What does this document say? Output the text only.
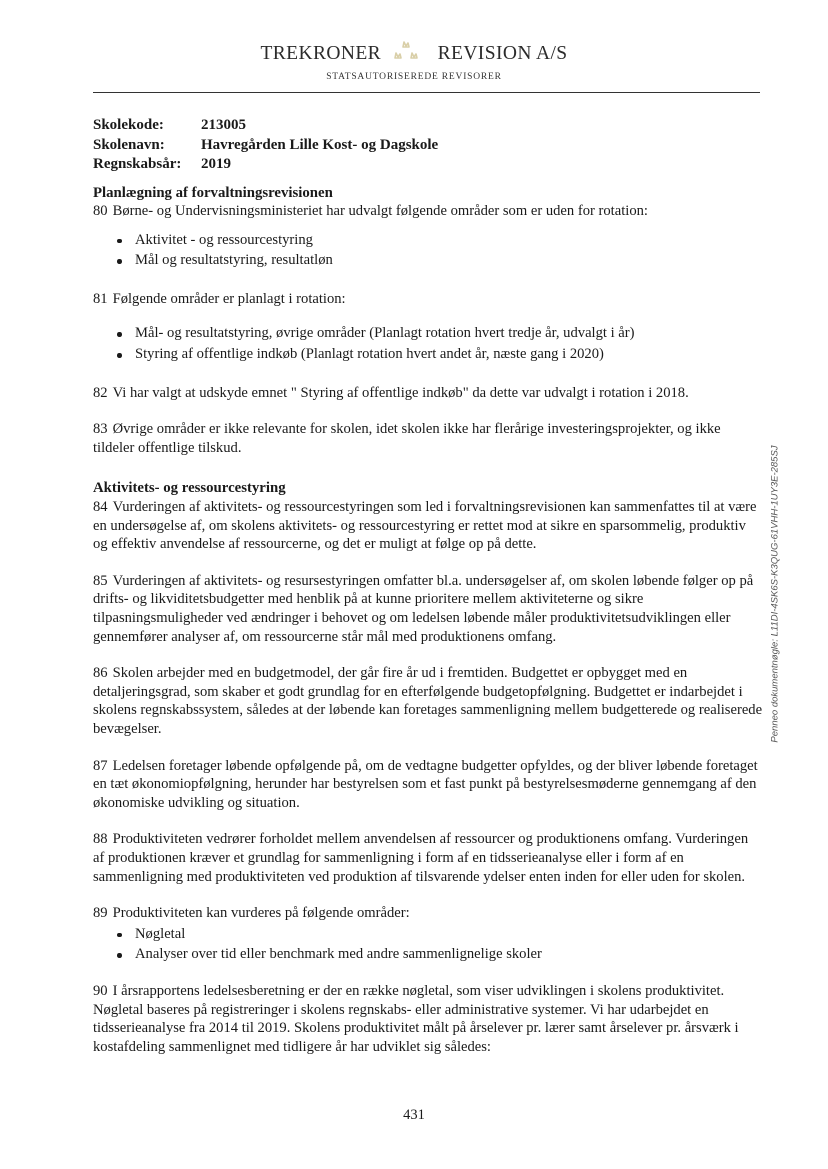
TREKRONER	REVISION A/S
STATSAUTORISEREDE REVISORER
Penneo dokumentnøgle: L11DI-4SK6S-K3QUG-61VHH-1UY3E-285SJ
Skolekode: 213005
Skolenavn: Havregården Lille Kost- og Dagskole
Regnskabsår: 2019
Planlægning af forvaltningsrevisionen

80 Børne- og Undervisningsministeriet har udvalgt følgende områder som er uden for rotation:

Aktivitet - og ressourcestyring
Mål og resultatstyring, resultatløn

81 Følgende områder er planlagt i rotation:

Mål- og resultatstyring, øvrige områder (Planlagt rotation hvert tredje år, udvalgt i år)
Styring af offentlige indkøb (Planlagt rotation hvert andet år, næste gang i 2020)

82 Vi har valgt at udskyde emnet " Styring af offentlige indkøb" da dette var udvalgt i rotation i 2018.

83 Øvrige områder er ikke relevante for skolen, idet skolen ikke har flerårige investeringsprojekter, og ikke tildeler offentlige tilskud.

Aktivitets- og ressourcestyring

84 Vurderingen af aktivitets- og ressourcestyringen som led i forvaltningsrevisionen kan sammenfattes til at være en undersøgelse af, om skolens aktivitets- og ressourcestyring er rettet mod at sikre en sparsommelig, produktiv og effektiv anvendelse af ressourcerne, og det er muligt at følge op på dette.

85 Vurderingen af aktivitets- og resursestyringen omfatter bl.a. undersøgelser af, om skolen løbende følger op på drifts- og likviditetsbudgetter med henblik på at kunne prioritere mellem aktiviteterne og sikre tilpasningsmuligheder ved ændringer i behovet og om ledelsen løbende måler produktivitetsudviklingen eller gennemfører analyser af, om ressourcerne står mål med produktionens omfang.

86 Skolen arbejder med en budgetmodel, der går fire år ud i fremtiden. Budgettet er opbygget med en detaljeringsgrad, som skaber et godt grundlag for en efterfølgende budgetopfølgning. Budgettet er indarbejdet i skolens regnskabssystem, således at der løbende kan foretages sammenligning mellem budgetterede og realiserede bevægelser.

87 Ledelsen foretager løbende opfølgende på, om de vedtagne budgetter opfyldes, og der bliver løbende foretaget en tæt økonomiopfølgning, herunder har bestyrelsen som et fast punkt på bestyrelsesmøderne gennemgang af den økonomiske udvikling og situation.

88 Produktiviteten vedrører forholdet mellem anvendelsen af ressourcer og produktionens omfang. Vurderingen af produktionen kræver et grundlag for sammenligning i form af en tidsserieanalyse eller i form af en sammenligning med produktiviteten ved produktion af tilsvarende ydelser enten inden for eller uden for skolen.

89 Produktiviteten kan vurderes på følgende områder:

Nøgletal
Analyser over tid eller benchmark med andre sammenlignelige skoler

90 I årsrapportens ledelsesberetning er der en række nøgletal, som viser udviklingen i skolens produktivitet. Nøgletal baseres på registreringer i skolens regnskabs- eller administrative systemer. Vi har udarbejdet en tidsserieanalyse fra 2014 til 2019. Skolens produktivitet målt på årselever pr. lærer samt årselever pr. årsværk i kostafdeling sammenlignet med tidligere år har udviklet sig således:

431
